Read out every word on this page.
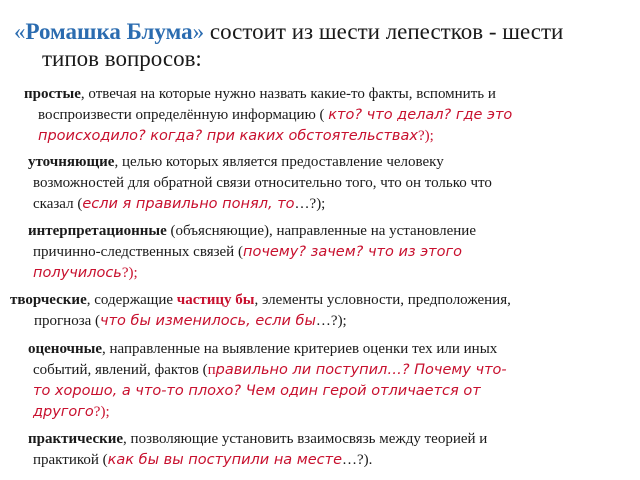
«Ромашка Блума» состоит из шести лепестков - шести
типов вопросов:
простые, отвечая на которые нужно назвать какие-то факты, вспомнить и
воспроизвести определённую информацию ( кто? что делал? где это
происходило? когда? при каких обстоятельствах?);
уточняющие, целью которых является предоставление человеку
возможностей для обратной связи относительно того, что он только что
сказал (если я правильно понял, то…?);
интерпретационные (объясняющие), направленные на установление
причинно-следственных связей (почему? зачем? что из этого
получилось?);
творческие, содержащие частицу бы, элементы условности, предположения,
прогноза (что бы изменилось, если бы…?);
оценочные, направленные на выявление критериев оценки тех или иных
событий, явлений, фактов (правильно ли поступил…? Почему что-
то хорошо, а что-то плохо? Чем один герой отличается от
другого?);
практические, позволяющие установить взаимосвязь между теорией и
практикой (как бы вы поступили на месте…?).
